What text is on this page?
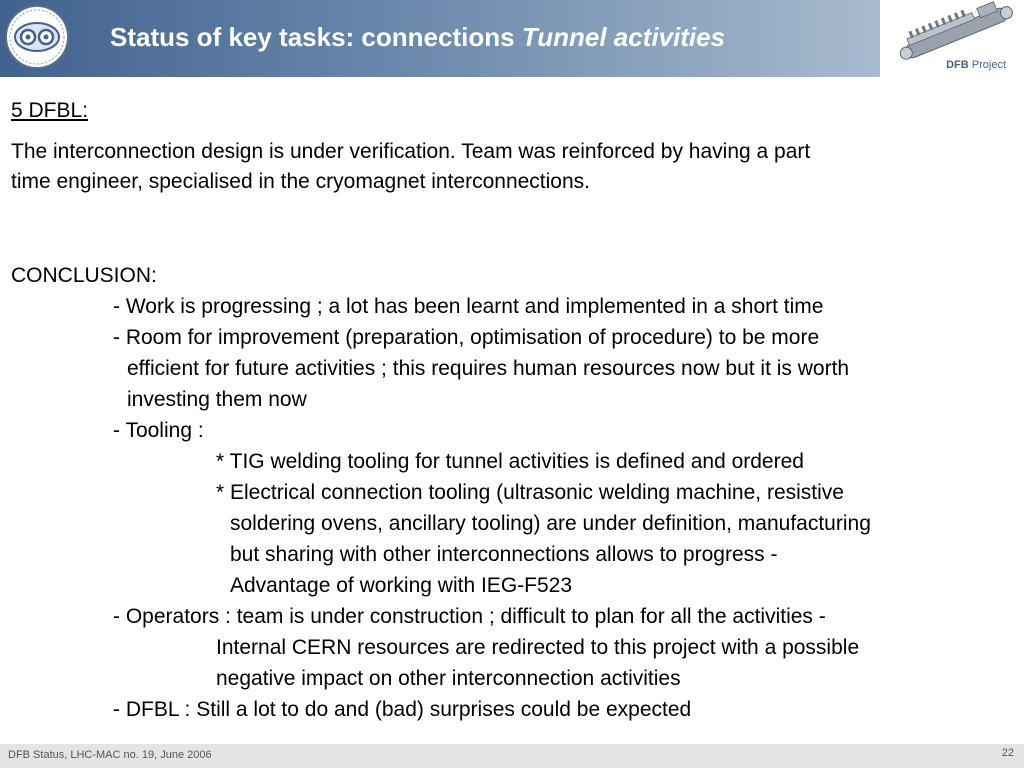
Status of key tasks: connections Tunnel activities
DFB Project
5 DFBL:
The interconnection design is under verification. Team was reinforced by having a part
time engineer, specialised in the cryomagnet interconnections.
CONCLUSION:
- Work is progressing ; a lot has been learnt and implemented in a short time
- Room for improvement (preparation, optimisation of procedure) to be more
efficient for future activities ; this requires human resources now but it is worth
investing them now
- Tooling :
* TIG welding tooling for tunnel activities is defined and ordered
* Electrical connection tooling (ultrasonic welding machine, resistive
soldering ovens, ancillary tooling) are under definition, manufacturing
but sharing with other interconnections allows to progress -
Advantage of working with IEG-F523
- Operators : team is under construction ; difficult to plan for all the activities -
Internal CERN resources are redirected to this project with a possible
negative impact on other interconnection activities
- DFBL : Still a lot to do and (bad) surprises could be expected
DFB Status, LHC-MAC no. 19, June 2006	22
